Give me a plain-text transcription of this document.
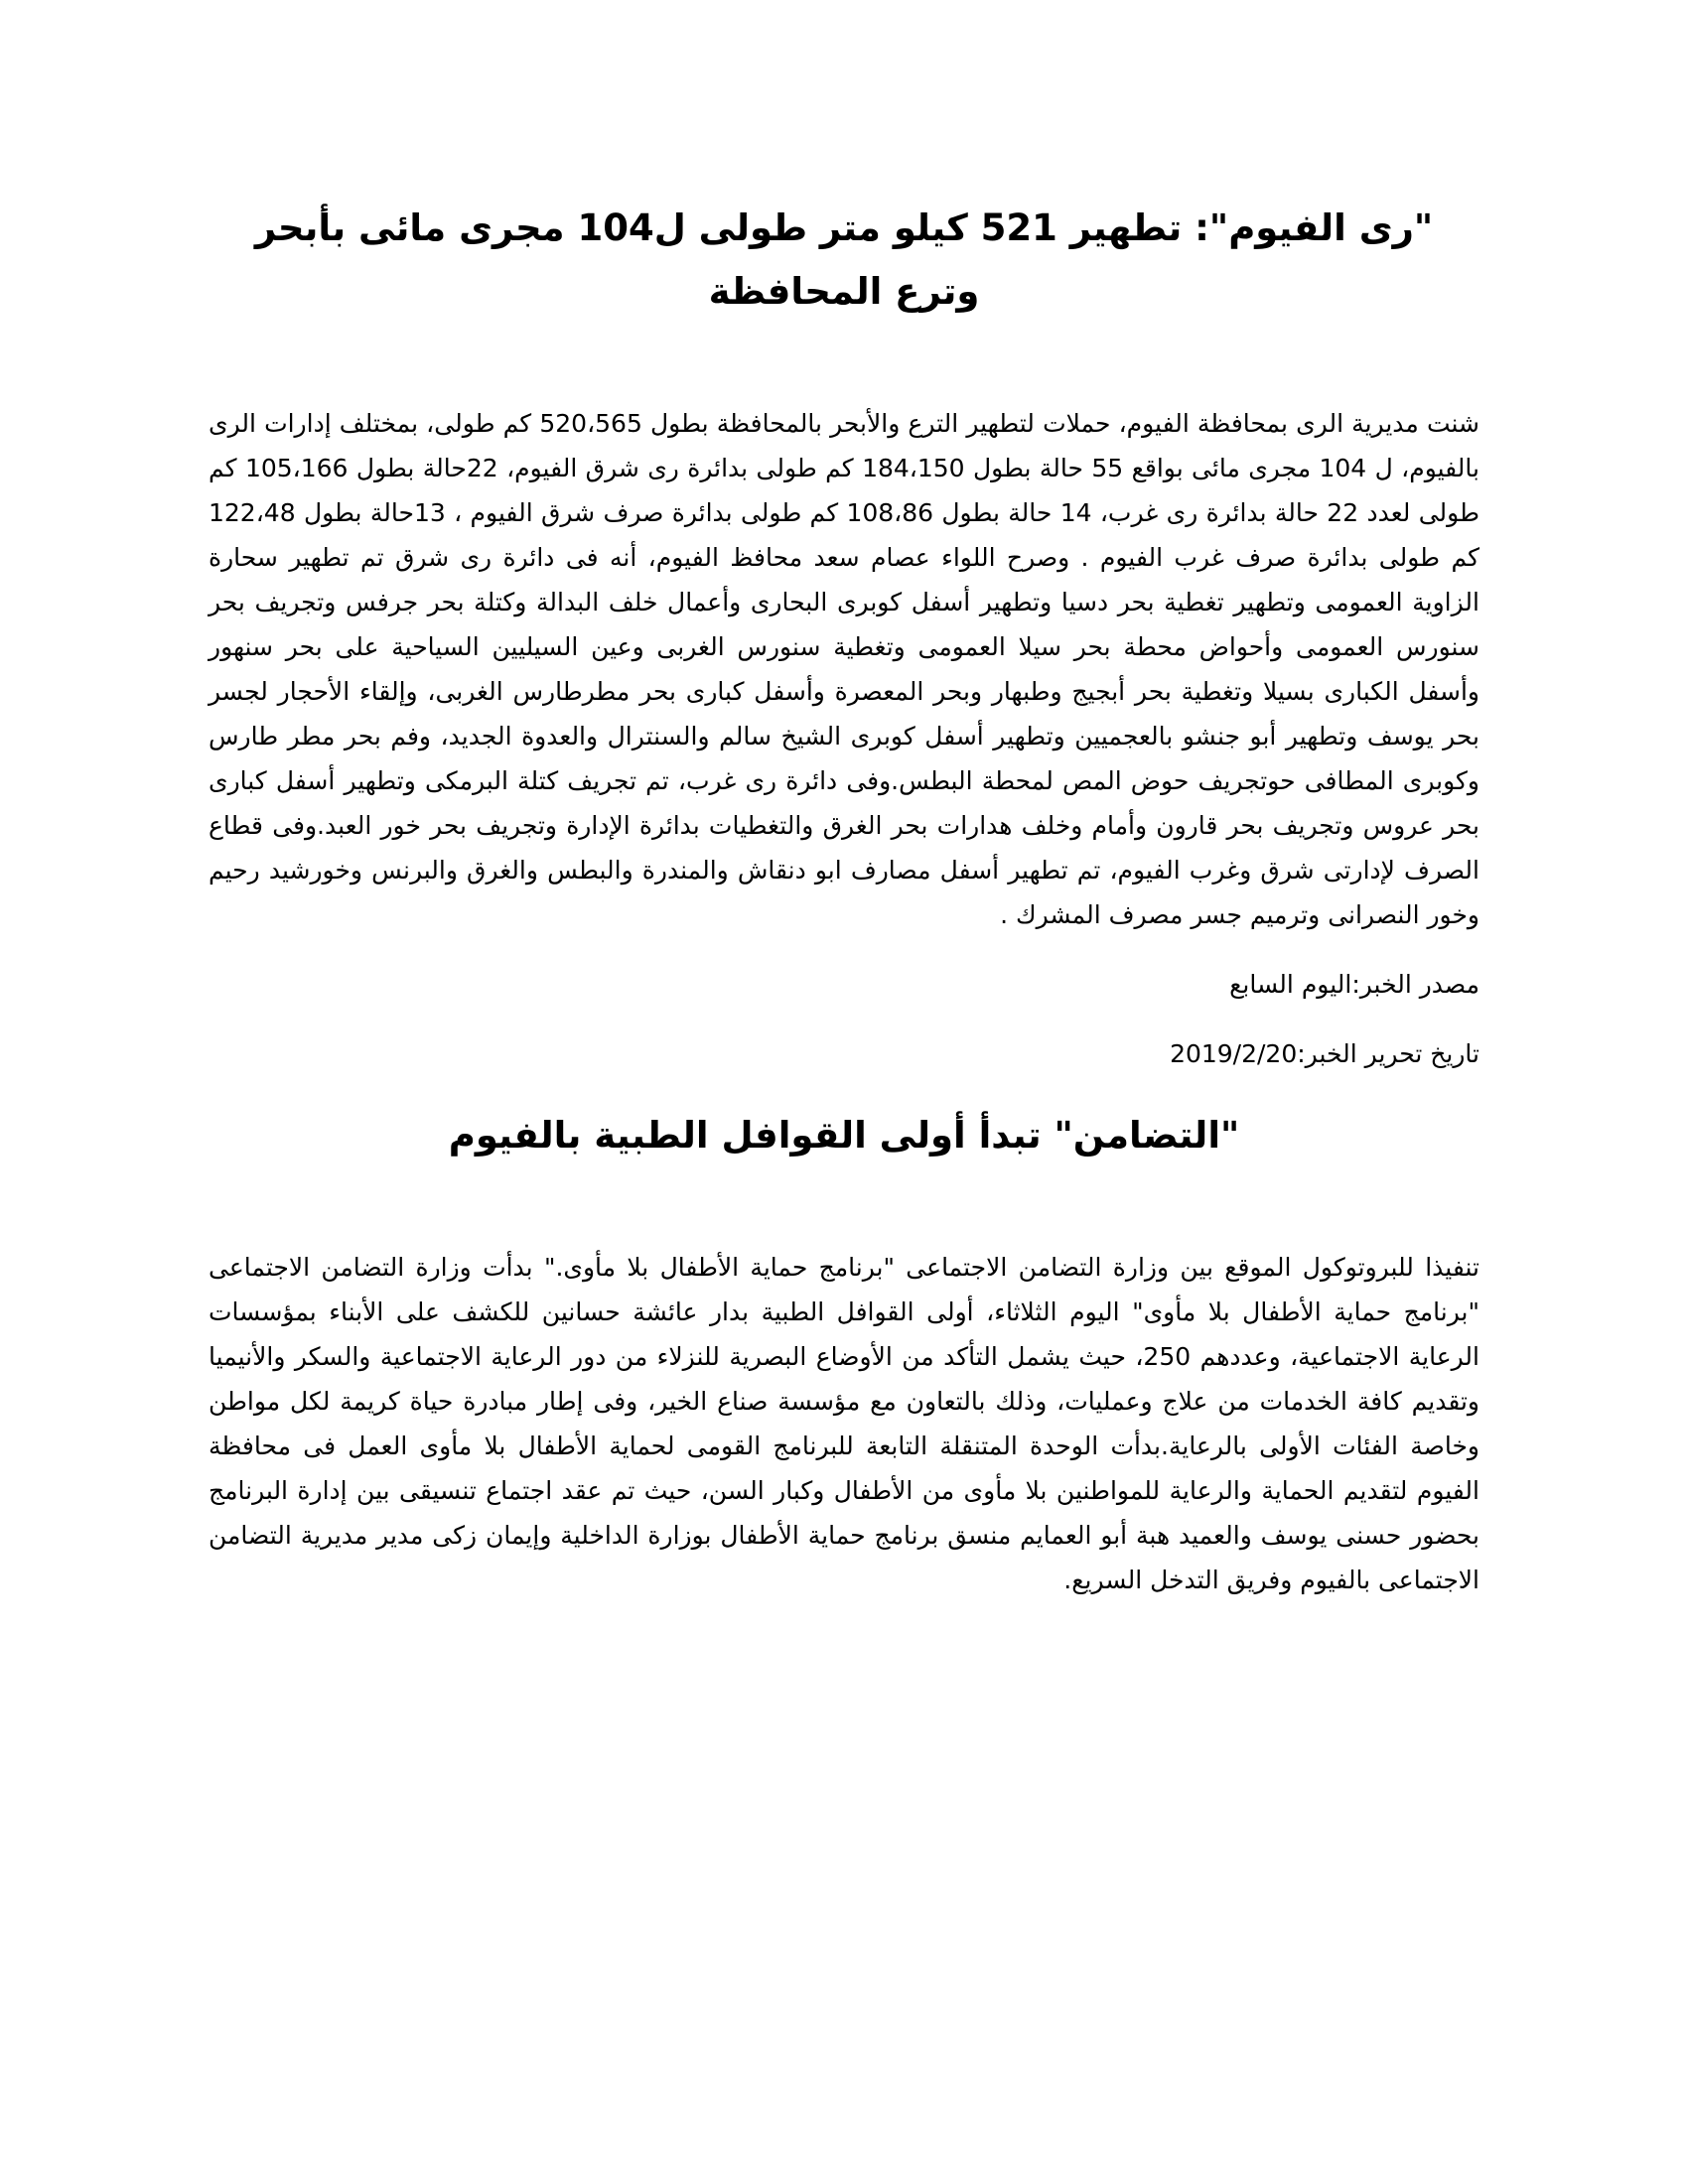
"رى الفيوم": تطهير 521 كيلو متر طولى ل104 مجرى مائى بأبحر وترع المحافظة

شنت مديرية الرى بمحافظة الفيوم، حملات لتطهير الترع والأبحر بالمحافظة بطول 520،565 كم طولى، بمختلف إدارات الرى بالفيوم، ل 104 مجرى مائى بواقع 55 حالة بطول 184،150 كم طولى بدائرة رى شرق الفيوم، 22حالة بطول 105،166 كم طولى لعدد 22 حالة بدائرة رى غرب، 14 حالة بطول 108،86 كم طولى بدائرة صرف شرق الفيوم ، 13حالة بطول 122،48 كم طولى بدائرة صرف غرب الفيوم . وصرح اللواء عصام سعد محافظ الفيوم، أنه فى دائرة رى شرق تم تطهير سحارة الزاوية العمومى وتطهير تغطية بحر دسيا وتطهير أسفل كوبرى البحارى وأعمال خلف البدالة وكتلة بحر جرفس وتجريف بحر سنورس العمومى وأحواض محطة بحر سيلا العمومى وتغطية سنورس الغربى وعين السيليين السياحية على بحر سنهور وأسفل الكبارى بسيلا وتغطية بحر أبجيج وطبهار وبحر المعصرة وأسفل كبارى بحر مطرطارس الغربى، وإلقاء الأحجار لجسر بحر يوسف وتطهير أبو جنشو بالعجميين وتطهير أسفل كوبرى الشيخ سالم والسنترال والعدوة الجديد، وفم بحر مطر طارس وكوبرى المطافى حوتجريف حوض المص لمحطة البطس.وفى دائرة رى غرب، تم تجريف كتلة البرمكى وتطهير أسفل كبارى بحر عروس وتجريف بحر قارون وأمام وخلف هدارات بحر الغرق والتغطيات بدائرة الإدارة وتجريف بحر خور العبد.وفى قطاع الصرف لإدارتى شرق وغرب الفيوم، تم تطهير أسفل مصارف ابو دنقاش والمندرة والبطس والغرق والبرنس وخورشيد رحيم وخور النصرانى وترميم جسر مصرف المشرك .

مصدر الخبر:اليوم السابع

تاريخ تحرير الخبر:2019/2/20

"التضامن" تبدأ أولى القوافل الطبية بالفيوم

تنفيذا للبروتوكول الموقع بين وزارة التضامن الاجتماعى "برنامج حماية الأطفال بلا مأوى." بدأت وزارة التضامن الاجتماعى "برنامج حماية الأطفال بلا مأوى" اليوم الثلاثاء، أولى القوافل الطبية بدار عائشة حسانين للكشف على الأبناء بمؤسسات الرعاية الاجتماعية، وعددهم 250، حيث يشمل التأكد من الأوضاع البصرية للنزلاء من دور الرعاية الاجتماعية والسكر والأنيميا وتقديم كافة الخدمات من علاج وعمليات، وذلك بالتعاون مع مؤسسة صناع الخير، وفى إطار مبادرة حياة كريمة لكل مواطن وخاصة الفئات الأولى بالرعاية.بدأت الوحدة المتنقلة التابعة للبرنامج القومى لحماية الأطفال بلا مأوى العمل فى محافظة الفيوم لتقديم الحماية والرعاية للمواطنين بلا مأوى من الأطفال وكبار السن، حيث تم عقد اجتماع تنسيقى بين إدارة البرنامج بحضور حسنى يوسف والعميد هبة أبو العمايم منسق برنامج حماية الأطفال بوزارة الداخلية وإيمان زكى مدير مديرية التضامن الاجتماعى بالفيوم وفريق التدخل السريع.
